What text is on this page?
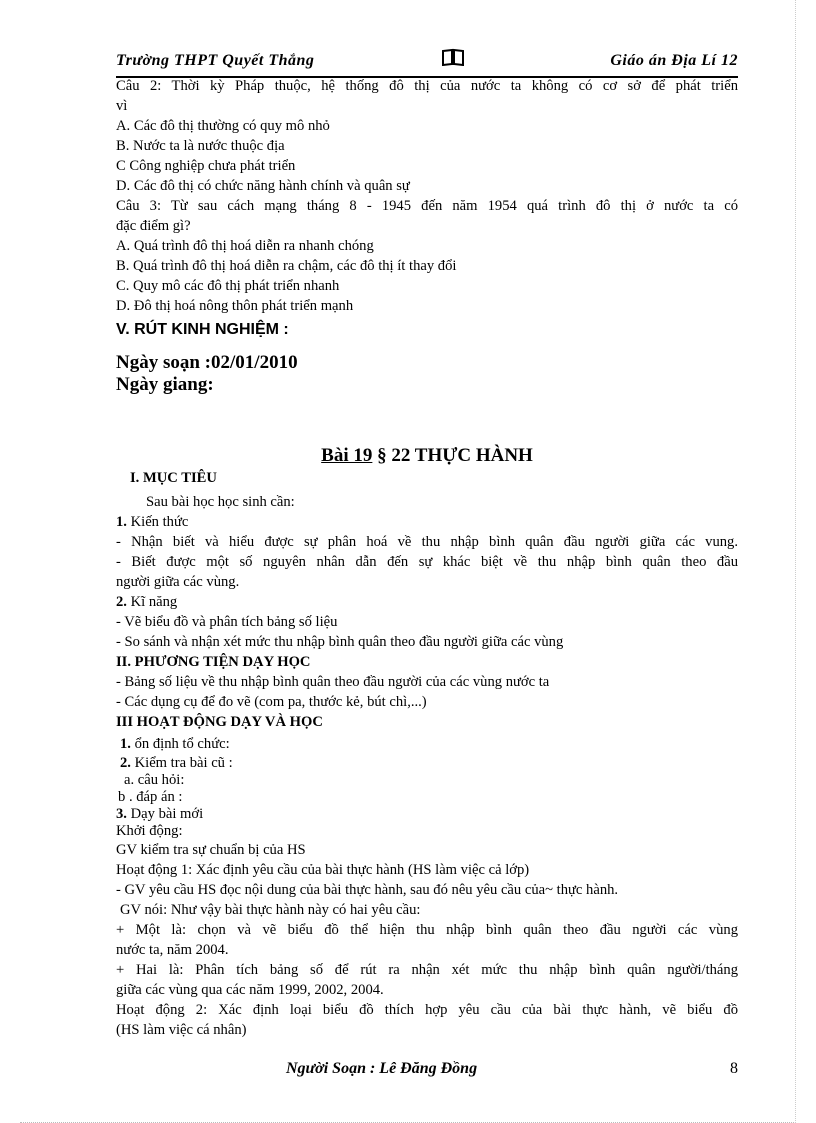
Trường THPT Quyết Thắng	Giáo án Địa Lí 12

Câu 2: Thời kỳ Pháp thuộc, hệ thống đô thị của nước ta không có cơ sở để phát triển

vì

A. Các đô thị thường có quy mô nhỏ

B. Nước ta là nước thuộc địa

C Công nghiệp chưa phát triển

D. Các đô thị có chức năng hành chính và quân sự

Câu 3: Từ sau cách mạng tháng 8 - 1945 đến năm 1954 quá trình đô thị ở nước ta có

đặc điểm gì?

A. Quá trình đô thị hoá diễn ra nhanh chóng

B. Quá trình đô thị hoá diễn ra chậm, các đô thị ít thay đổi

C. Quy mô các đô thị phát triển nhanh

D. Đô thị hoá nông thôn phát triển mạnh

V. RÚT KINH NGHIỆM :

Ngày soạn :02/01/2010

Ngày giang:

Bài 19 § 22 THỰC HÀNH

I. MỤC TIÊU

Sau bài học học sinh cần:

1. Kiến thức

- Nhận biết và hiểu được sự phân hoá về thu nhập bình quân đầu người giữa các vung.

- Biết được một số nguyên nhân dẫn đến sự khác biệt về thu nhập bình quân theo đầu

người giữa các vùng.

2. Kĩ năng

- Vẽ biểu đồ và phân tích bảng số liệu

- So sánh và nhận xét mức thu nhập bình quân theo đầu người giữa các vùng

II. PHƯƠNG TIỆN DẠY HỌC

- Bảng số liệu về thu nhập bình quân theo đầu người của các vùng nước ta

- Các dụng cụ để đo vẽ (com pa, thước kẻ, bút chì,...)

III HOẠT ĐỘNG DẠY VÀ HỌC

1. ổn định tổ chức:

2. Kiểm tra bài cũ :

a. câu hỏi:

b . đáp án :

3. Dạy bài mới

Khởi động:

GV kiểm tra sự chuẩn bị của HS

Hoạt động 1: Xác định yêu cầu của bài thực hành (HS làm việc cả lớp)

- GV yêu cầu HS đọc nội dung của bài thực hành, sau đó nêu yêu cầu của~ thực hành.

GV nói: Như vậy bài thực hành này có hai yêu cầu:

+ Một là: chọn và vẽ biểu đồ thể hiện thu nhập bình quân theo đầu người các vùng

nước ta, năm 2004.

+ Hai là: Phân tích bảng số để rút ra nhận xét mức thu nhập bình quân người/tháng

giữa các vùng qua các năm 1999, 2002, 2004.

Hoạt động 2: Xác định loại biểu đồ thích hợp yêu cầu của bài thực hành, vẽ biểu đồ

(HS làm việc cá nhân)

Người Soạn : Lê Đăng Đồng	8
